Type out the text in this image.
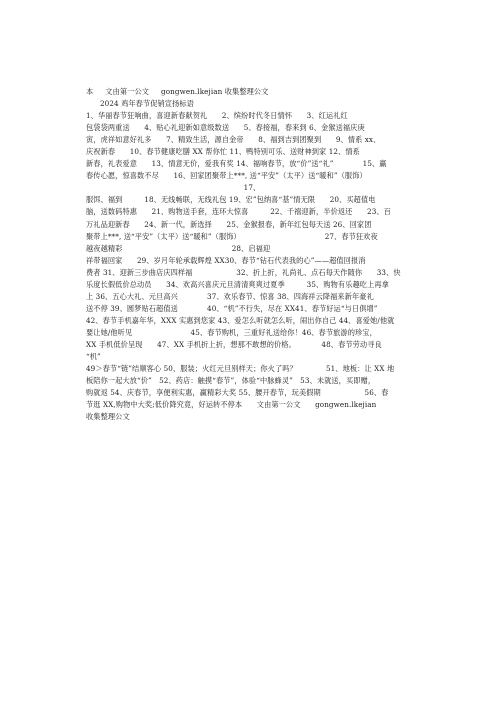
本 文由第一公文 gongwen.lkejian 收集整理公文
2024 鸡年春节促销宣扬标语
1、华丽春节狂响曲，喜迎新春献贺礼　　2、缤纷时代冬日情怀　　3、红运礼红
包袋袋两重送　　4、贴心礼迎新如意级数送　　5、春接福，春来到 6、金猴送福庆庚
寅，虎祥如意好礼多　　7、精致生活，源自金帝　　8、福到吉到团聚到　　9、情系 xx、
庆祝新春　　10、春节健康吃膳 XX 帮你忙 11、鸭特别可乐、送财神到家 12、情系
新春，礼表爱意　　13、情意无价，爱我有奖 14、福响春节，放“价”送“礼”　　　　15、赢
春传心愿，惊喜数不尽　　16、回家团聚带上***, 送“平安”（太平）送“暖和”（服饰）
17、
服饵、福到　　　18、无线畅联，无线礼包 19、宏”包纳喜“基”情无限　　20、买超值电
脑，送数码特惠　　21、购物送手套，连环大惊喜　　　22、千禧迎新，半价返还　　23、百
万礼品迎新春　　24、新一代，新选择　　25、金猴报春，新年红包每天送 26、回家团
聚带上***, 送“平安”（太平）送“暖和”（服饰）　　　　　　　　　　　　27、春节狂欢夜
越夜越精彩　　　　　　　　　　　　　　　28、启福迎
祥带福回家　　29、岁月年轮承载辉煌 XX30、春节“钻石代表我的心”——超值回报消
费者 31、迎新三步曲店庆四样福　　　　　　32、折上折，礼尚礼、点石每天作随你　　33、快
乐度长假低价总动员　　34、欢高兴喜庆元旦清清爽爽过夏季　　　35、购物有乐趣吃上再拿
上 36、五心大礼、元旦高兴　　　　37、欢乐春节、惊喜 38、四海祥云降福来新年豪礼
送不停 39、圆梦贴石超值送　　　　40、“机”不行失，尽在 XX41、春节好运“与日俱增”
42、春节手机嘉年华，XXX 实惠到您家 43、爱怎么听就怎么听，闹出你自己 44、喜爱她/他就
要让她/他听见　　　　　　　　45、春节购机，三重好礼送给你！46、春节旅游的珍宝，
XX 手机低价呈现　　47、XX 手机折上折，想那不敢想的价格。　　　　48、春节劳动寻良
“机”
49＞春节“链”结顺客心 50、服装；火红元旦别样天；你火了吗？　　　　51、地板：让 XX 地
板陪你一起大放“价”　52、药店：触摸“春节”，体验“中脉蜂灵”　53、未就送，买即赠，
购就返 54、庆春节，享便利实惠，赢精彩大奖 55、腰开春节，玩美假期　　　　　　56、春
节逛 XX,购物中大奖;低价降究竟，好运转不停本　　文由第一公文　　gongwen.lkejian
收集整理公文
